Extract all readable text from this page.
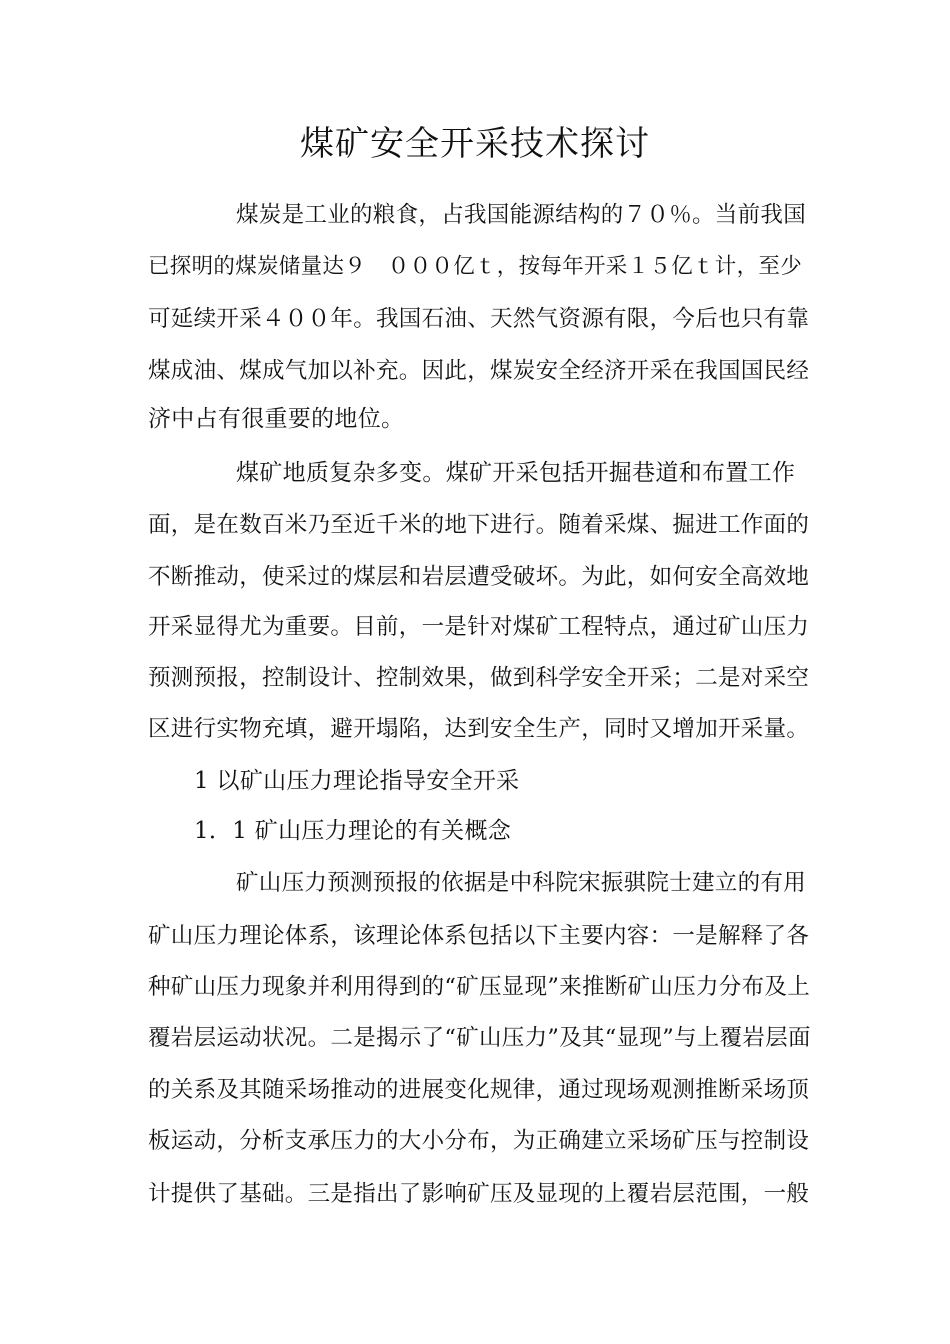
煤矿安全开采技术探讨
煤炭是工业的粮食，占我国能源结构的７０％。当前我国
已探明的煤炭储量达９　０００亿ｔ，按每年开采１５亿ｔ计，至少
可延续开采４００年。我国石油、天然气资源有限，今后也只有靠
煤成油、煤成气加以补充。因此，煤炭安全经济开采在我国国民经
济中占有很重要的地位。
煤矿地质复杂多变。煤矿开采包括开掘巷道和布置工作
面，是在数百米乃至近千米的地下进行。随着采煤、掘进工作面的
不断推动，使采过的煤层和岩层遭受破坏。为此，如何安全高效地
开采显得尤为重要。目前，一是针对煤矿工程特点，通过矿山压力
预测预报，控制设计、控制效果，做到科学安全开采；二是对采空
区进行实物充填，避开塌陷，达到安全生产，同时又增加开采量。
1 以矿山压力理论指导安全开采
1．1 矿山压力理论的有关概念
矿山压力预测预报的依据是中科院宋振骐院士建立的有用
矿山压力理论体系，该理论体系包括以下主要内容：一是解释了各
种矿山压力现象并利用得到的“矿压显现”来推断矿山压力分布及上
覆岩层运动状况。二是揭示了“矿山压力”及其“显现”与上覆岩层面
的关系及其随采场推动的进展变化规律，通过现场观测推断采场顶
板运动，分析支承压力的大小分布，为正确建立采场矿压与控制设
计提供了基础。三是指出了影响矿压及显现的上覆岩层范围，一般
